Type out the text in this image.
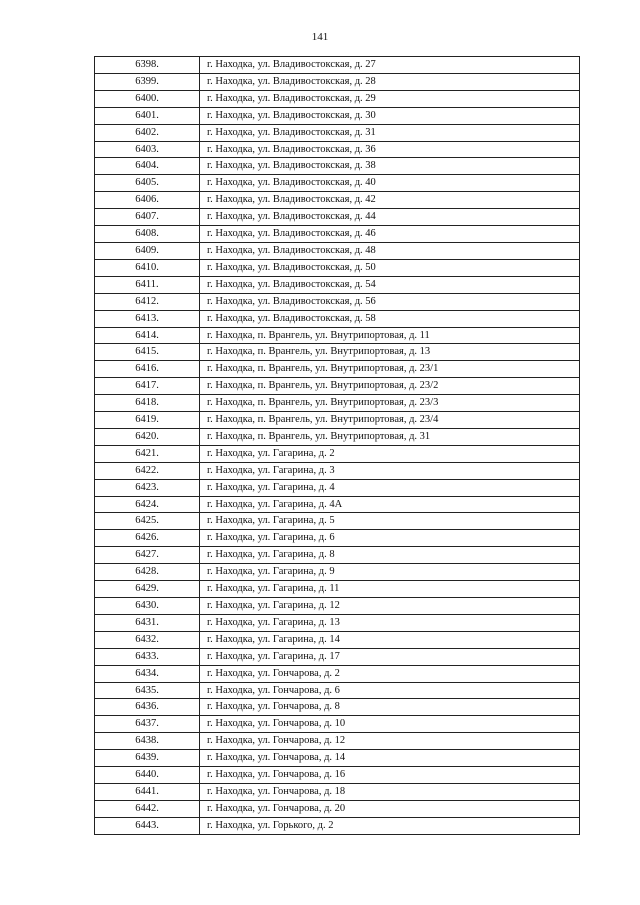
141
6398.	г. Находка, ул. Владивостокская, д. 27
6399.	г. Находка, ул. Владивостокская, д. 28
6400.	г. Находка, ул. Владивостокская, д. 29
6401.	г. Находка, ул. Владивостокская, д. 30
6402.	г. Находка, ул. Владивостокская, д. 31
6403.	г. Находка, ул. Владивостокская, д. 36
6404.	г. Находка, ул. Владивостокская, д. 38
6405.	г. Находка, ул. Владивостокская, д. 40
6406.	г. Находка, ул. Владивостокская, д. 42
6407.	г. Находка, ул. Владивостокская, д. 44
6408.	г. Находка, ул. Владивостокская, д. 46
6409.	г. Находка, ул. Владивостокская, д. 48
6410.	г. Находка, ул. Владивостокская, д. 50
6411.	г. Находка, ул. Владивостокская, д. 54
6412.	г. Находка, ул. Владивостокская, д. 56
6413.	г. Находка, ул. Владивостокская, д. 58
6414.	г. Находка, п. Врангель, ул. Внутрипортовая, д. 11
6415.	г. Находка, п. Врангель, ул. Внутрипортовая, д. 13
6416.	г. Находка, п. Врангель, ул. Внутрипортовая, д. 23/1
6417.	г. Находка, п. Врангель, ул. Внутрипортовая, д. 23/2
6418.	г. Находка, п. Врангель, ул. Внутрипортовая, д. 23/3
6419.	г. Находка, п. Врангель, ул. Внутрипортовая, д. 23/4
6420.	г. Находка, п. Врангель, ул. Внутрипортовая, д. 31
6421.	г. Находка, ул. Гагарина, д. 2
6422.	г. Находка, ул. Гагарина, д. 3
6423.	г. Находка, ул. Гагарина, д. 4
6424.	г. Находка, ул. Гагарина, д. 4А
6425.	г. Находка, ул. Гагарина, д. 5
6426.	г. Находка, ул. Гагарина, д. 6
6427.	г. Находка, ул. Гагарина, д. 8
6428.	г. Находка, ул. Гагарина, д. 9
6429.	г. Находка, ул. Гагарина, д. 11
6430.	г. Находка, ул. Гагарина, д. 12
6431.	г. Находка, ул. Гагарина, д. 13
6432.	г. Находка, ул. Гагарина, д. 14
6433.	г. Находка, ул. Гагарина, д. 17
6434.	г. Находка, ул. Гончарова, д. 2
6435.	г. Находка, ул. Гончарова, д. 6
6436.	г. Находка, ул. Гончарова, д. 8
6437.	г. Находка, ул. Гончарова, д. 10
6438.	г. Находка, ул. Гончарова, д. 12
6439.	г. Находка, ул. Гончарова, д. 14
6440.	г. Находка, ул. Гончарова, д. 16
6441.	г. Находка, ул. Гончарова, д. 18
6442.	г. Находка, ул. Гончарова, д. 20
6443.	г. Находка, ул. Горького, д. 2
